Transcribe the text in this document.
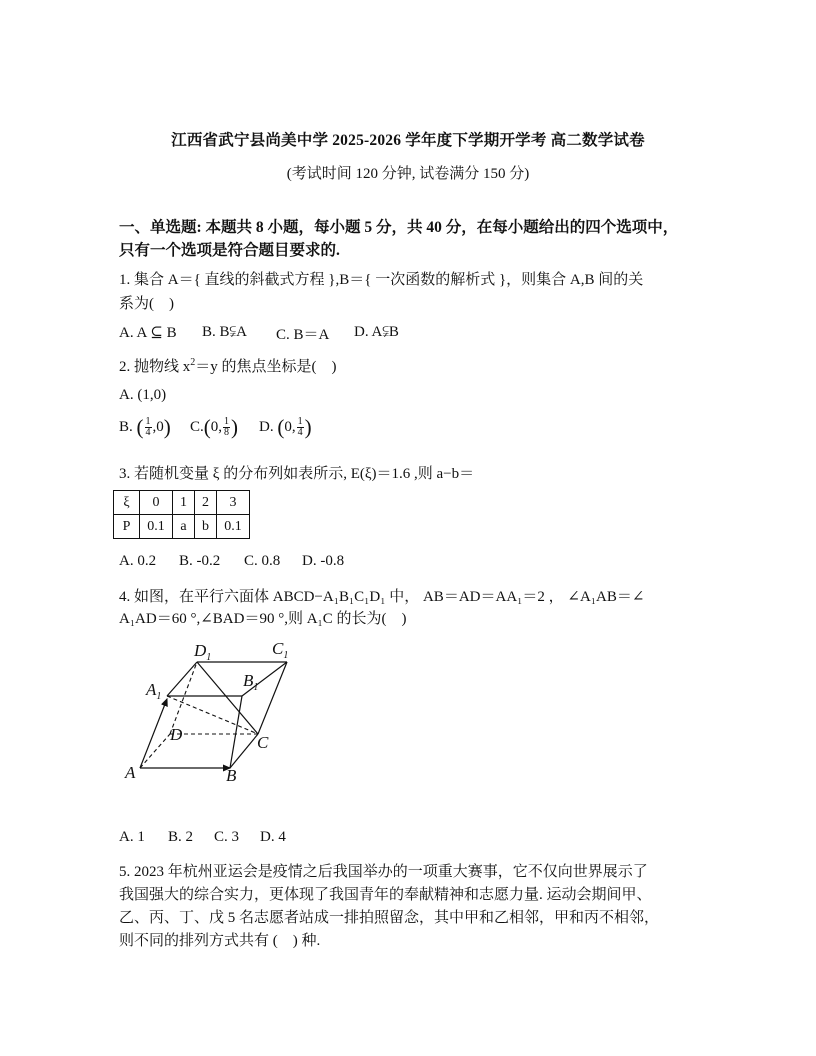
江西省武宁县尚美中学 2025-2026 学年度下学期开学考 高二数学试卷
(考试时间 120 分钟, 试卷满分 150 分)
一、单选题: 本题共 8 小题，每小题 5 分，共 40 分，在每小题给出的四个选项中，
只有一个选项是符合题目要求的.
1. 集合 A＝{ 直线的斜截式方程 },B＝{ 一次函数的解析式 }，则集合 A,B 间的关
系为(　)
A. A ⊆ B B. B⫋A C. B＝A D. A⫋B
2. 抛物线 $x^2=y$ 的焦点坐标是(　)
A. (1,0)
B. ( $\frac{1}{4} ,0$) C.(0, $\frac{1}{8}$ ) D. (0, $\frac{1}{4}$ )
3. 若随机变量 ξ 的分布列如表所示, E(ξ)＝1.6 ,则 a−b＝
ξ	0	1	2	3
P	0.1	a	b	0.1
A. 0.2 B. -0.2 C. 0.8 D. -0.8
4. 如图，在平行六面体 ABCD−A₁B₁C₁D₁ 中， AB＝AD＝AA₁＝2 ， ∠A₁AB＝∠
A₁AD＝60 °,∠BAD＝90 °,则 A₁C 的长为(　)
$D_1$	$C_1$
$B_1$
$A_1$
D	C
A	B
A. 1 B. 2 C. 3 D. 4
5. 2023 年杭州亚运会是疫情之后我国举办的一项重大赛事，它不仅向世界展示了
我国强大的综合实力，更体现了我国青年的奉献精神和志愿力量. 运动会期间甲、
乙、丙、丁、戊 5 名志愿者站成一排拍照留念，其中甲和乙相邻，甲和丙不相邻，
则不同的排列方式共有 (　) 种.
